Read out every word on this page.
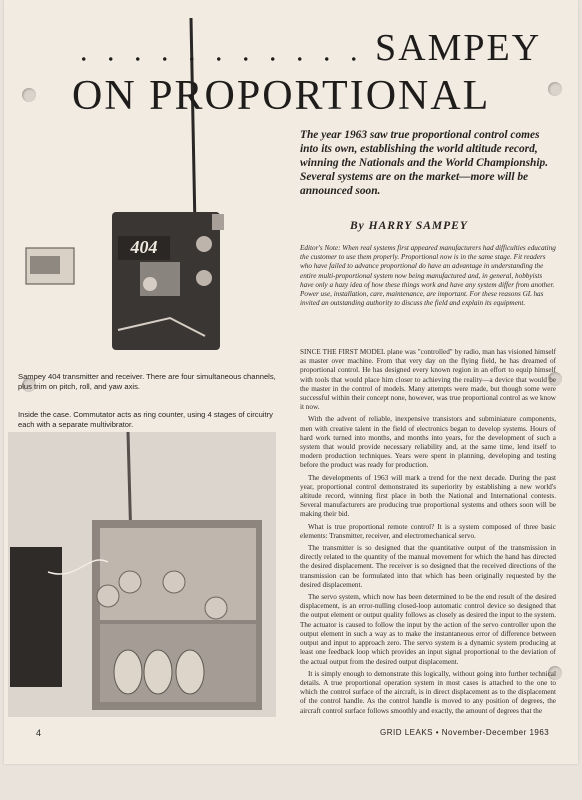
404
. . . . . . . . . . . SAMPEY
ON PROPORTIONAL
The year 1963 saw true proportional control comes into its own, establishing the world altitude record, winning the Nationals and the World Championship. Several systems are on the market—more will be announced soon.
By HARRY SAMPEY
Editor's Note: When real systems first appeared manufacturers had difficulties educating the customer to use them properly. Proportional now is in the same stage. Fit readers who have failed to advance proportional do have an advantage in understanding the entire multi-proportional system now being manufactured and, in general, hobbyists have only a hazy idea of how these things work and have any system differ from another. Power use, installation, care, maintenance, are important. For these reasons GL has invited an outstanding authority to discuss the field and explain its equipment.

SINCE THE FIRST MODEL plane was "controlled" by radio, man has visioned himself as master over machine. From that very day on the flying field, he has dreamed of proportional control. He has designed every known region in an effort to equip himself with tools that would place him closer to achieving the reality—a device that would be the master in the control of models. Many attempts were made, but though some were successful within their concept none, however, was true proportional control as we know it now.

With the advent of reliable, inexpensive transistors and subminiature components, men with creative talent in the field of electronics began to develop systems. Hours of hard work turned into months, and months into years, for the development of such a system that would provide necessary reliability and, at the same time, lend itself to modern production techniques. Years were spent in planning, developing and testing before the product was ready for production.

The developments of 1963 will mark a trend for the next decade. During the past year, proportional control demonstrated its superiority by establishing a new world's altitude record, winning first place in both the National and International contests. Several manufacturers are producing true proportional systems and others soon will be making their bid.

What is true proportional remote control? It is a system composed of three basic elements: Transmitter, receiver, and electromechanical servo.

The transmitter is so designed that the quantitative output of the transmission in directly related to the quantity of the manual movement for which the hand has directed the desired displacement. The receiver is so designed that the received directions of the transmission can be formulated into that which has been originally requested by the desired displacement.

The servo system, which now has been determined to be the end result of the desired displacement, is an error-nulling closed-loop automatic control device so designed that the output element or output quality follows as closely as desired the input to the system. The actuator is caused to follow the input by the action of the servo controller upon the output element in such a way as to make the instantaneous error of difference between output and input to approach zero. The servo system is a dynamic system producing at least one feedback loop which provides an input signal proportional to the deviation of the actual output from the desired output displacement.

It is simply enough to demonstrate this logically, without going into further technical details. A true proportional operation system in most cases is attached to the one to which the control surface of the aircraft, is in direct displacement as to the displacement of the control handle. As the control handle is moved to any position of degrees, the aircraft control surface follows smoothly and exactly, the amount of degrees that the

Sampey 404 transmitter and receiver. There are four simultaneous channels, plus trim on pitch, roll, and yaw axis.
Inside the case. Commutator acts as ring counter, using 4 stages of circuitry each with a separate multivibrator.
4	GRID LEAKS • November-December 1963
